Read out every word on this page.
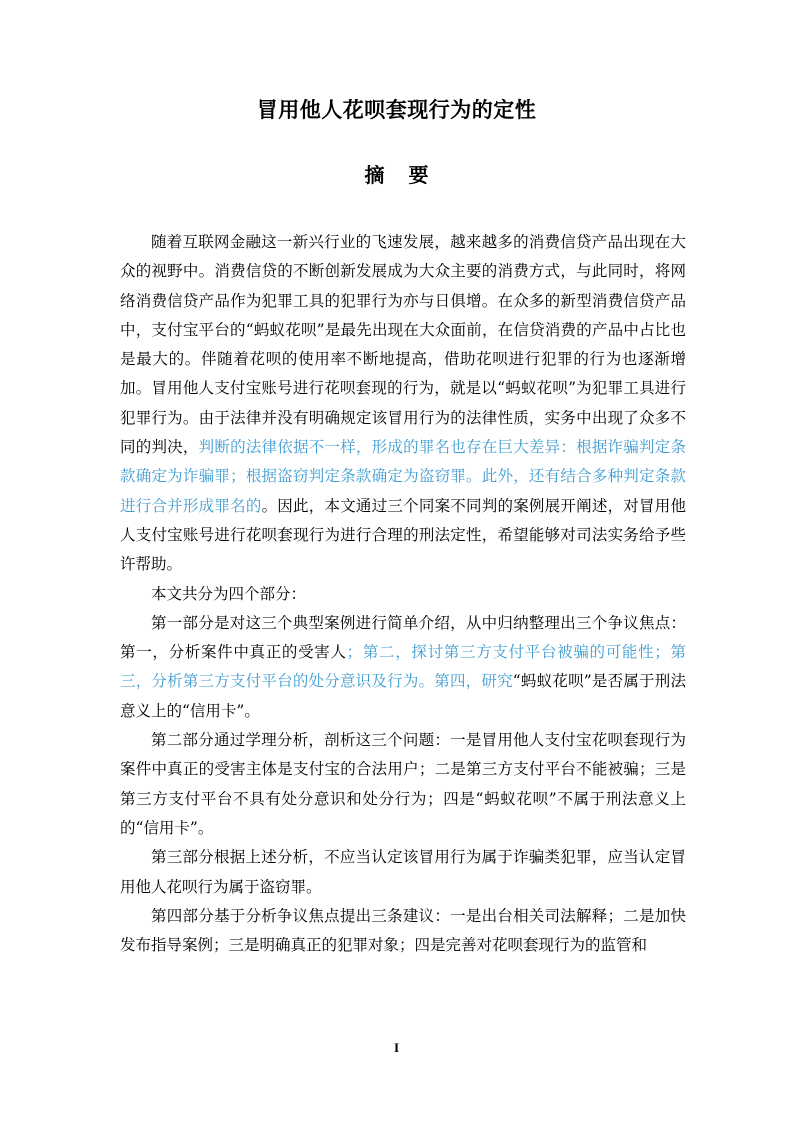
冒用他人花呗套现行为的定性
摘 要

随着互联网金融这一新兴行业的飞速发展，越来越多的消费信贷产品出现在大众的视野中。消费信贷的不断创新发展成为大众主要的消费方式，与此同时，将网络消费信贷产品作为犯罪工具的犯罪行为亦与日俱增。在众多的新型消费信贷产品中，支付宝平台的“蚂蚁花呗”是最先出现在大众面前，在信贷消费的产品中占比也是最大的。伴随着花呗的使用率不断地提高，借助花呗进行犯罪的行为也逐渐增加。冒用他人支付宝账号进行花呗套现的行为，就是以“蚂蚁花呗”为犯罪工具进行犯罪行为。由于法律并没有明确规定该冒用行为的法律性质，实务中出现了众多不同的判决，判断的法律依据不一样，形成的罪名也存在巨大差异：根据诈骗判定条款确定为诈骗罪；根据盗窃判定条款确定为盗窃罪。此外，还有结合多种判定条款进行合并形成罪名的。因此，本文通过三个同案不同判的案例展开阐述，对冒用他人支付宝账号进行花呗套现行为进行合理的刑法定性，希望能够对司法实务给予些许帮助。

本文共分为四个部分：

第一部分是对这三个典型案例进行简单介绍，从中归纳整理出三个争议焦点：第一，分析案件中真正的受害人；第二，探讨第三方支付平台被骗的可能性；第三，分析第三方支付平台的处分意识及行为。第四，研究“蚂蚁花呗”是否属于刑法意义上的“信用卡”。

第二部分通过学理分析，剖析这三个问题：一是冒用他人支付宝花呗套现行为案件中真正的受害主体是支付宝的合法用户；二是第三方支付平台不能被骗；三是第三方支付平台不具有处分意识和处分行为；四是“蚂蚁花呗”不属于刑法意义上的“信用卡”。

第三部分根据上述分析，不应当认定该冒用行为属于诈骗类犯罪，应当认定冒用他人花呗行为属于盗窃罪。

第四部分基于分析争议焦点提出三条建议：一是出台相关司法解释；二是加快发布指导案例；三是明确真正的犯罪对象；四是完善对花呗套现行为的监管和

I
